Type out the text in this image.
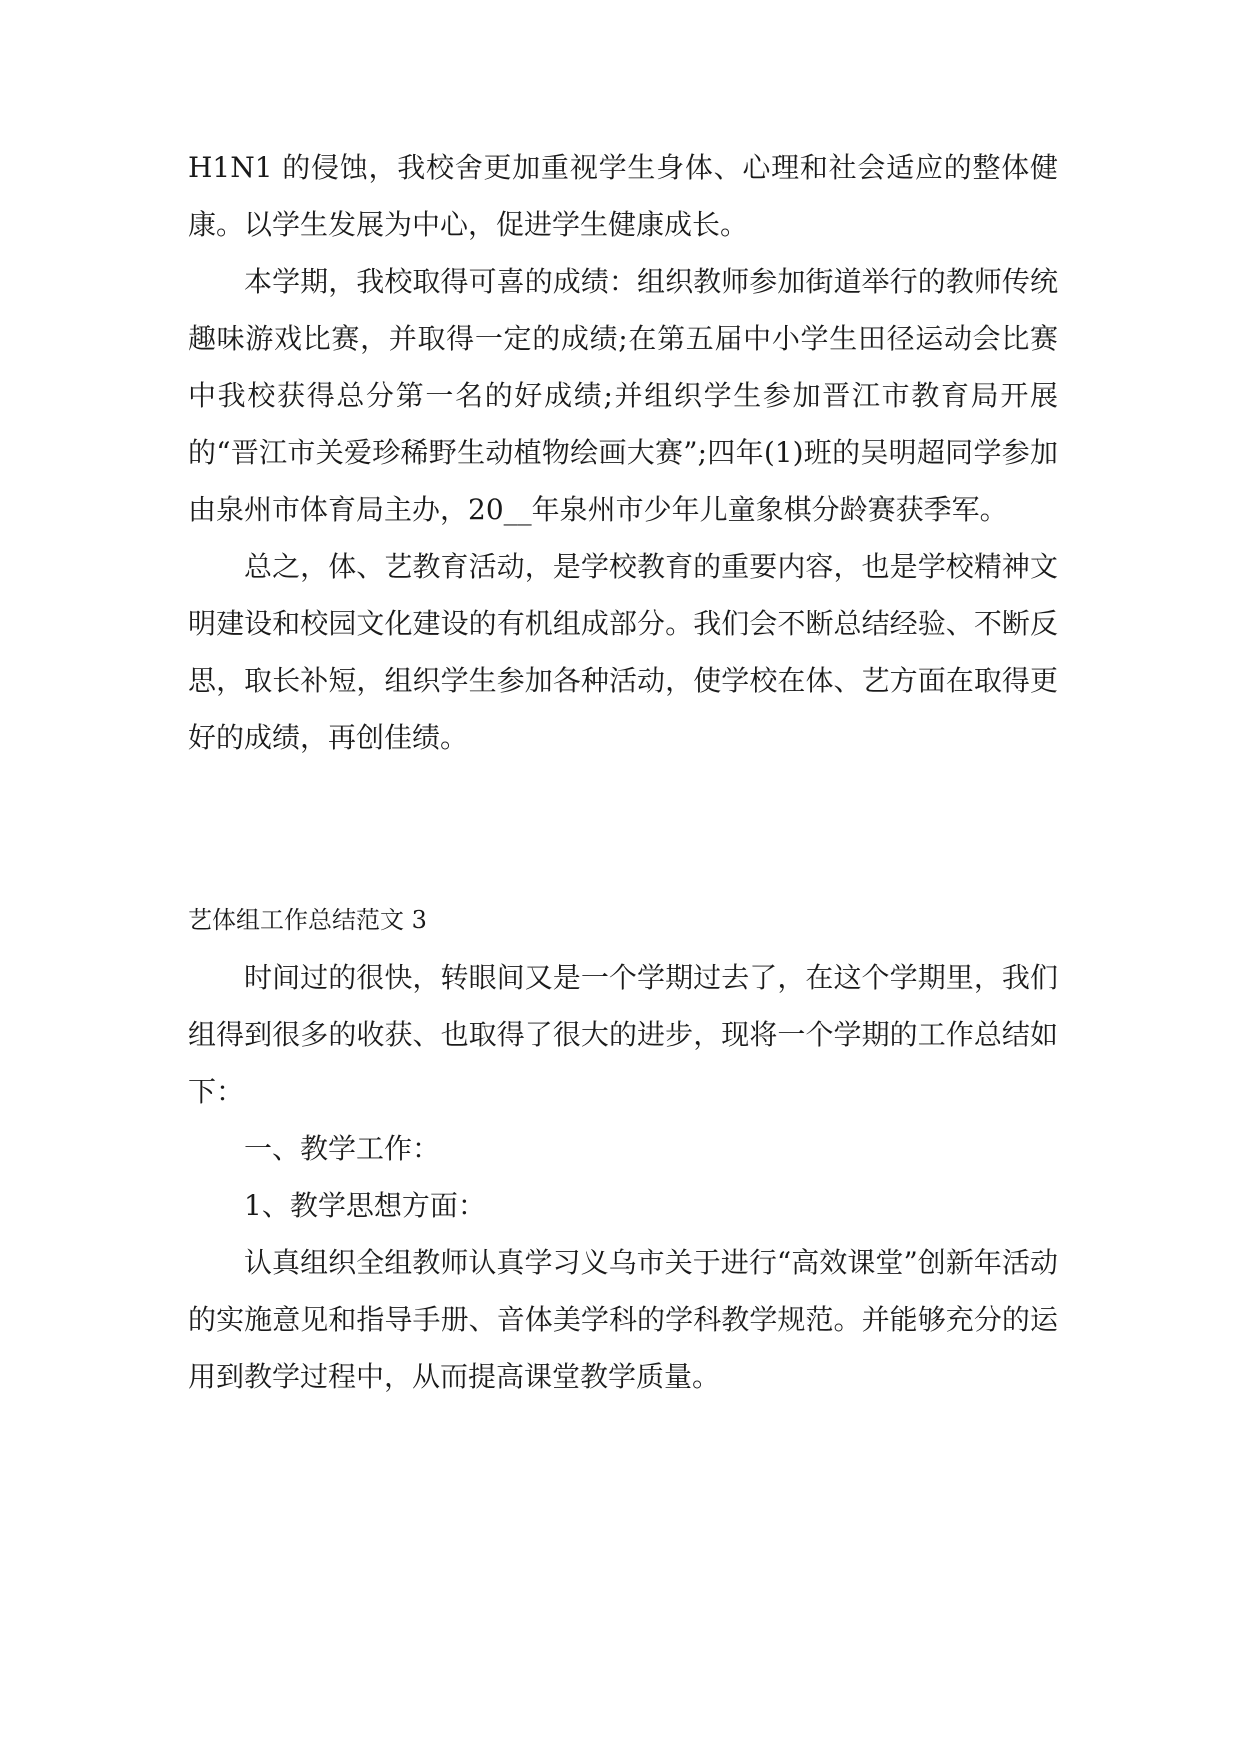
H1N1 的侵蚀，我校舍更加重视学生身体、心理和社会适应的整体健康。以学生发展为中心，促进学生健康成长。

本学期，我校取得可喜的成绩：组织教师参加街道举行的教师传统趣味游戏比赛，并取得一定的成绩;在第五届中小学生田径运动会比赛中我校获得总分第一名的好成绩;并组织学生参加晋江市教育局开展的“晋江市关爱珍稀野生动植物绘画大赛”;四年(1)班的吴明超同学参加由泉州市体育局主办，20__年泉州市少年儿童象棋分龄赛获季军。

总之，体、艺教育活动，是学校教育的重要内容，也是学校精神文明建设和校园文化建设的有机组成部分。我们会不断总结经验、不断反思，取长补短，组织学生参加各种活动，使学校在体、艺方面在取得更好的成绩，再创佳绩。

艺体组工作总结范文 3

时间过的很快，转眼间又是一个学期过去了，在这个学期里，我们组得到很多的收获、也取得了很大的进步，现将一个学期的工作总结如下：

一、教学工作：

1、教学思想方面：

认真组织全组教师认真学习义乌市关于进行“高效课堂”创新年活动的实施意见和指导手册、音体美学科的学科教学规范。并能够充分的运用到教学过程中，从而提高课堂教学质量。
